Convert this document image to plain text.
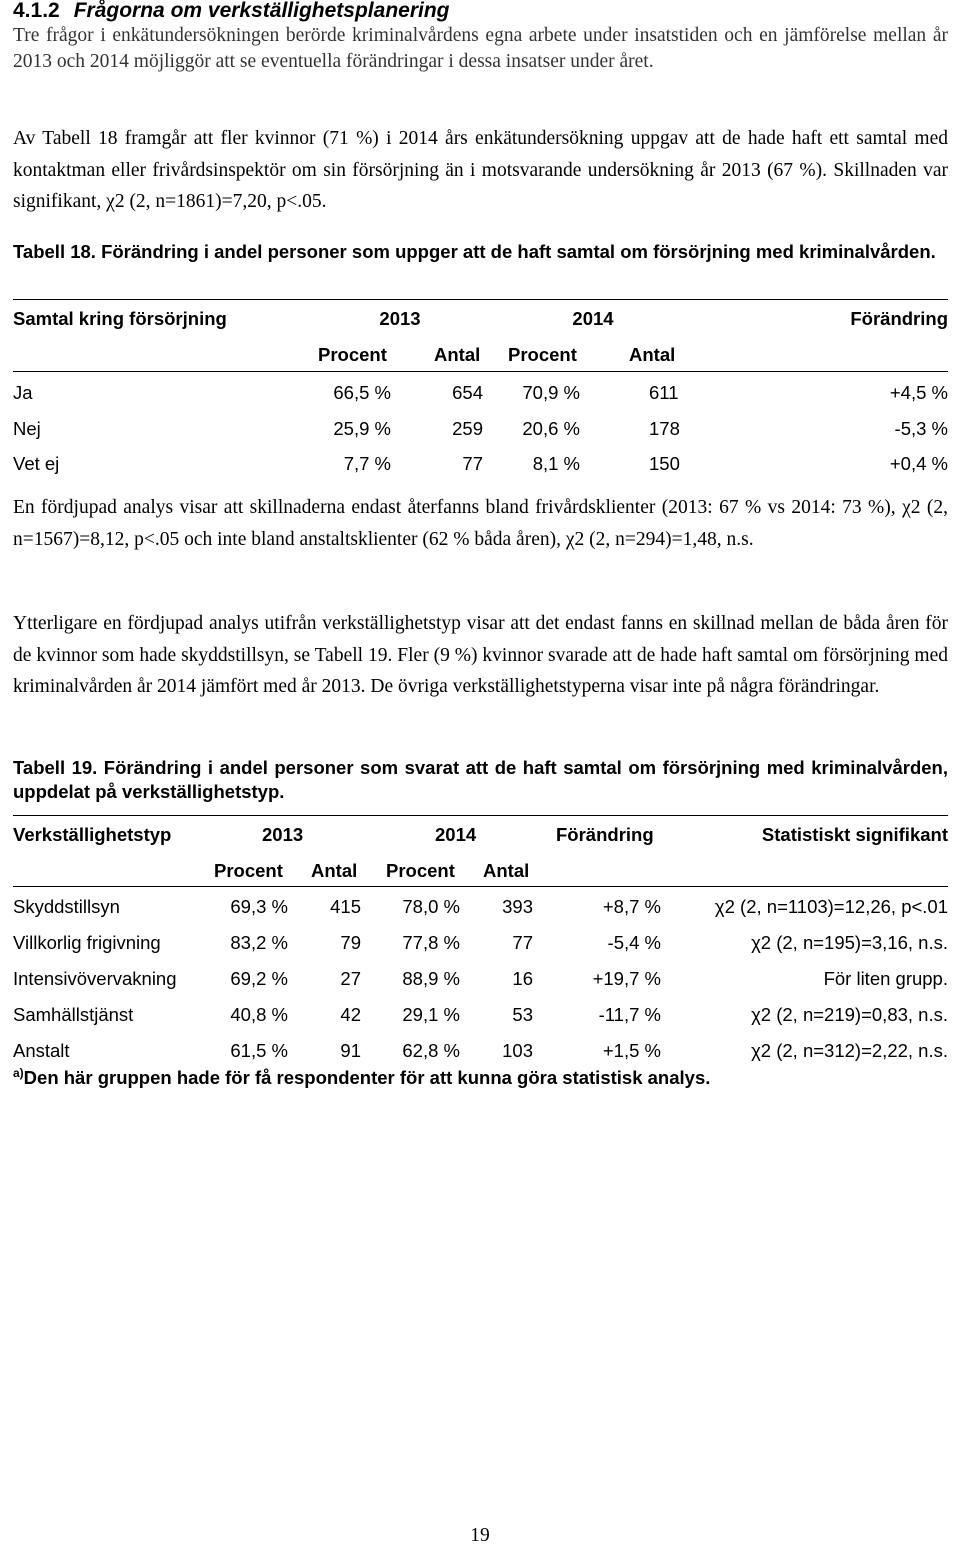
4.1.2 Frågorna om verkställighetsplanering
Tre frågor i enkätundersökningen berörde kriminalvårdens egna arbete under insatstiden och en jämförelse mellan år 2013 och 2014 möjliggör att se eventuella förändringar i dessa insatser under året.
Av Tabell 18 framgår att fler kvinnor (71 %) i 2014 års enkätundersökning uppgav att de hade haft ett samtal med kontaktman eller frivårdsinspektör om sin försörjning än i motsvarande undersökning år 2013 (67 %). Skillnaden var signifikant, χ2 (2, n=1861)=7,20, p<.05.
Tabell 18. Förändring i andel personer som uppger att de haft samtal om försörjning med kriminalvården.
Samtal kring försörjning	2013	2014	Förändring
Procent	Antal Procent	Antal
Ja	66,5 %	654 70,9 %	611	+4,5 %
Nej	25,9 %	259 20,6 %	178	-5,3 %
Vet ej	7,7 %	77	8,1 %	150	+0,4 %
En fördjupad analys visar att skillnaderna endast återfanns bland frivårdsklienter (2013: 67 % vs 2014: 73 %), χ2 (2, n=1567)=8,12, p<.05 och inte bland anstaltsklienter (62 % båda åren), χ2 (2, n=294)=1,48, n.s.
Ytterligare en fördjupad analys utifrån verkställighetstyp visar att det endast fanns en skillnad mellan de båda åren för de kvinnor som hade skyddstillsyn, se Tabell 19. Fler (9 %) kvinnor svarade att de hade haft samtal om försörjning med kriminalvården år 2014 jämfört med år 2013. De övriga verkställighetstyperna visar inte på några förändringar.
Tabell 19. Förändring i andel personer som svarat att de haft samtal om försörjning med kriminalvården, uppdelat på verkställighetstyp.
Verkställighetstyp	2013	2014	Förändring	Statistiskt signifikant
Procent Antal Procent Antal
Skyddstillsyn	69,3 % 415 78,0 % 393	+8,7 %	χ2 (2, n=1103)=12,26, p<.01
Villkorlig frigivning	83,2 %	79 77,8 %	77	-5,4 %	χ2 (2, n=195)=3,16, n.s.
Intensivövervakning	69,2 %	27 88,9 %	16	+19,7 %	För liten grupp.
Samhällstjänst	40,8 %	42 29,1 %	53	-11,7 %	χ2 (2, n=219)=0,83, n.s.
Anstalt	61,5 %	91 62,8 % 103	+1,5 %	χ2 (2, n=312)=2,22, n.s.
$^{a)}$Den här gruppen hade för få respondenter för att kunna göra statistisk analys.
19
